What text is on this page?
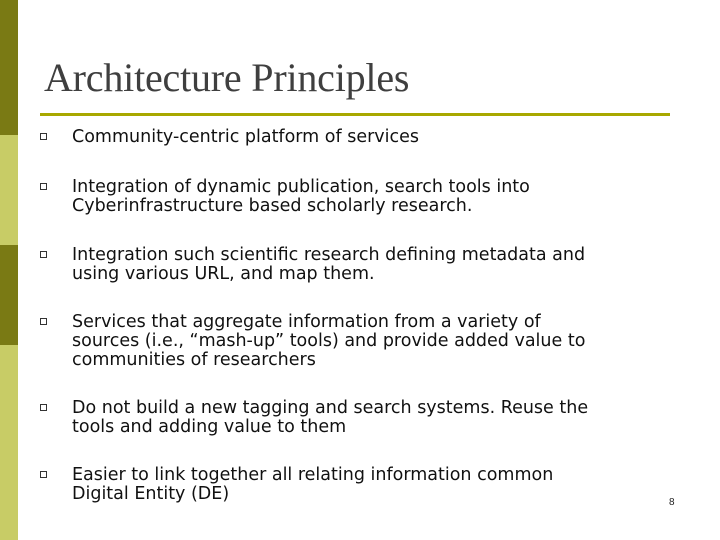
Architecture Principles
Community-centric platform of services
Integration of dynamic publication, search tools into
Cyberinfrastructure based scholarly research.
Integration such scientific research defining metadata and
using various URL, and map them.
Services that aggregate information from a variety of
sources (i.e., “mash-up” tools) and provide added value to
communities of researchers
Do not build a new tagging and search systems. Reuse the
tools and adding value to them
Easier to link together all relating information common
Digital Entity (DE)	8
